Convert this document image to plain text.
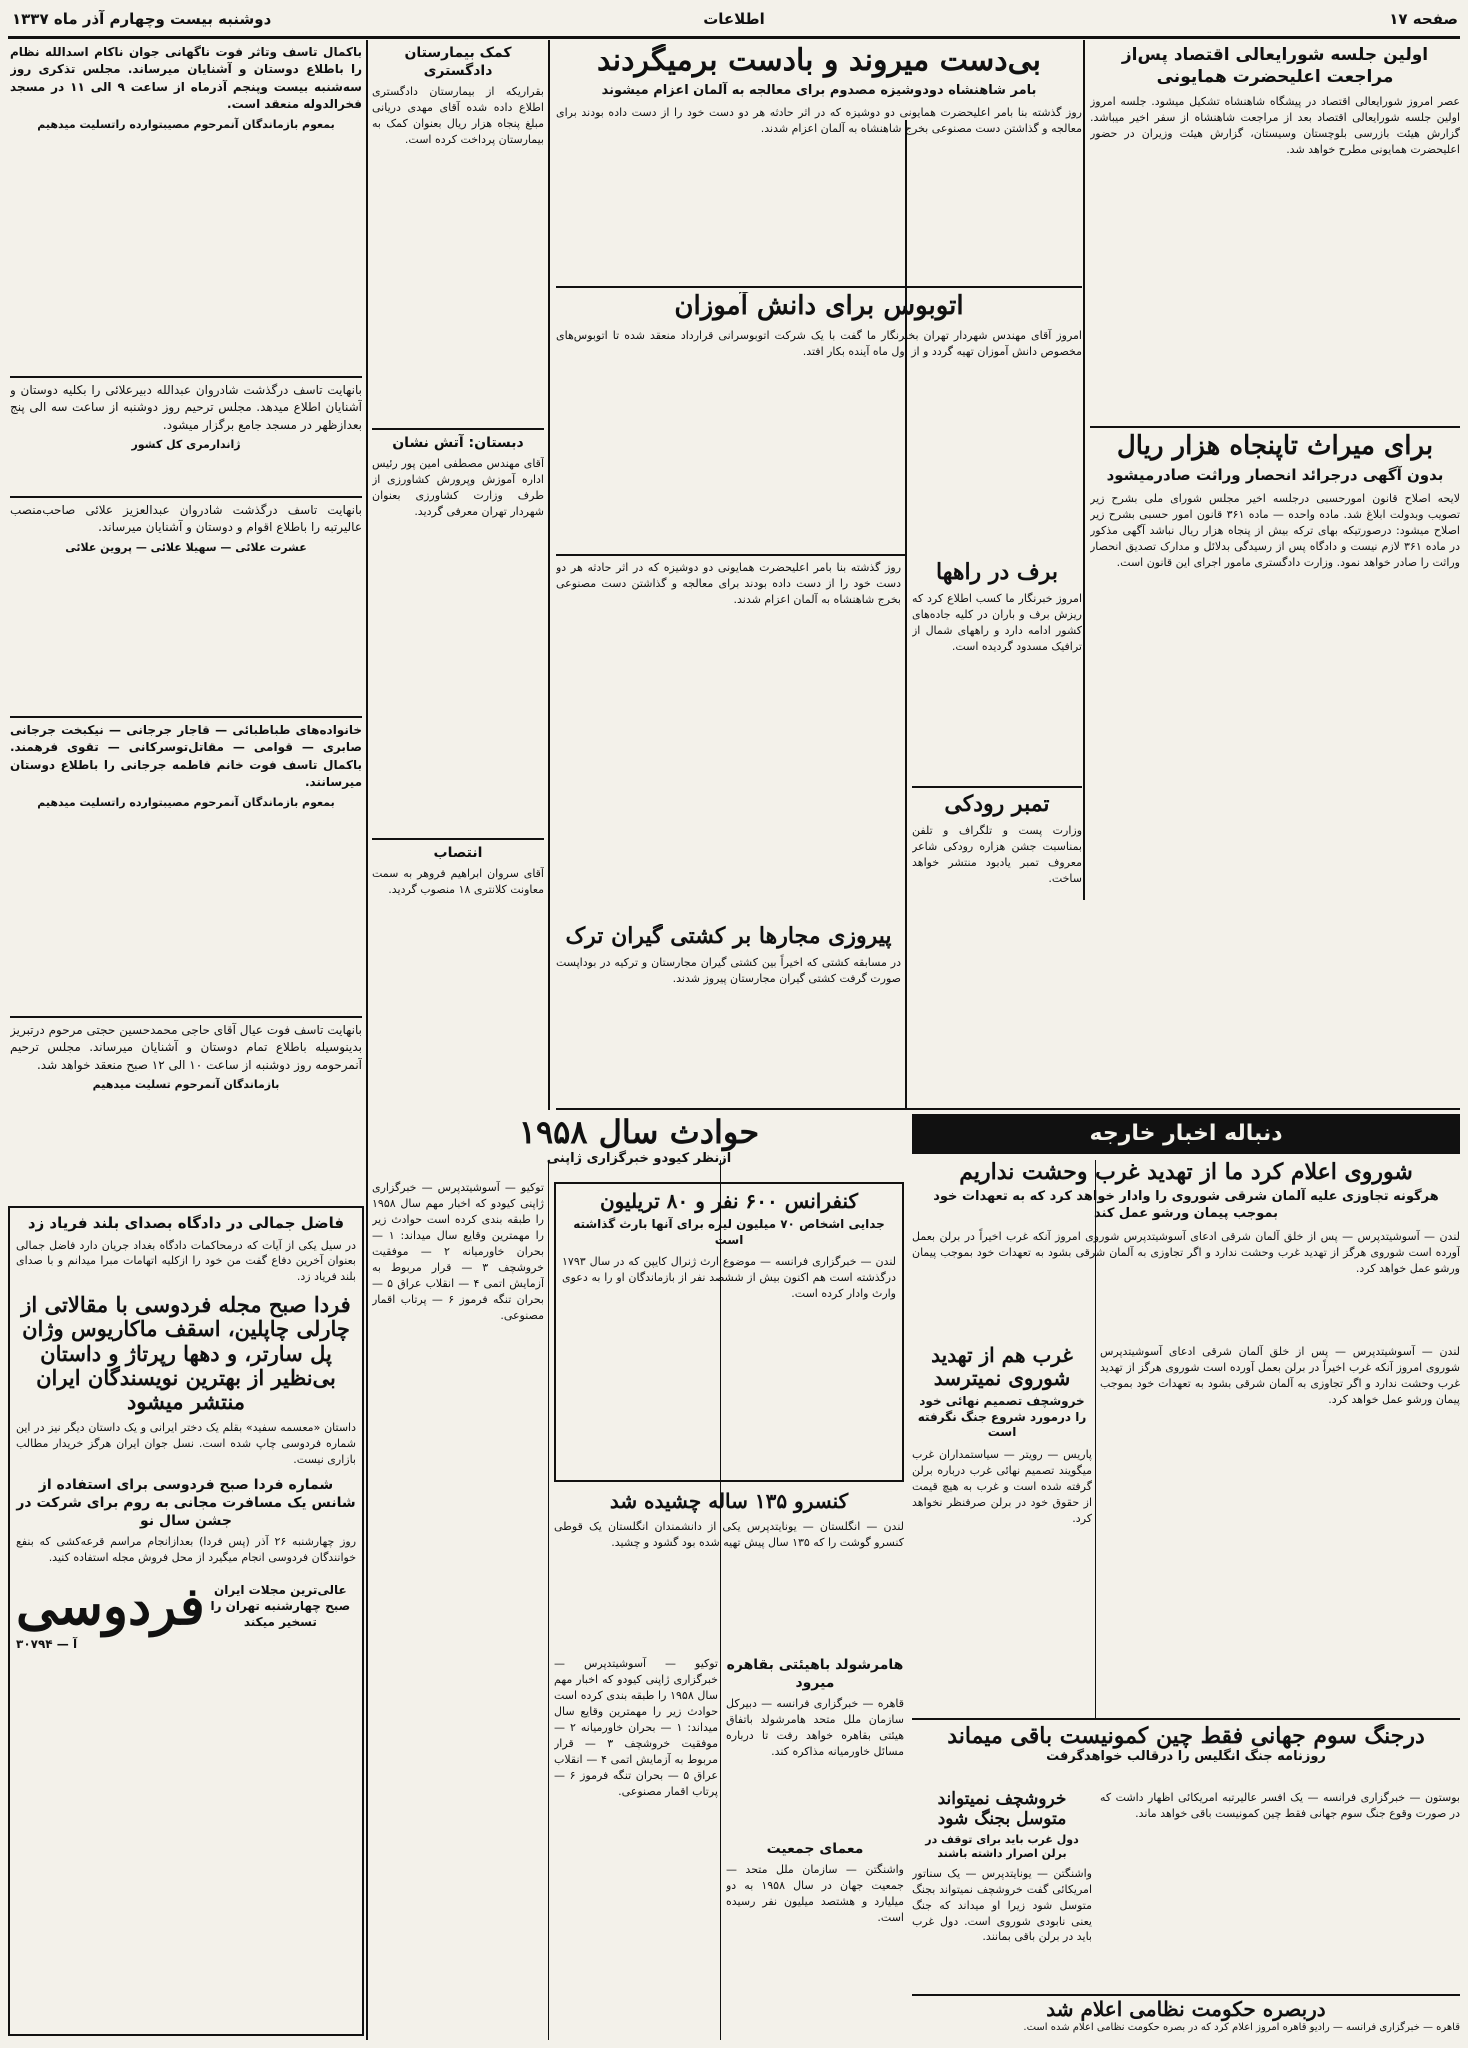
صفحه ۱۷
اطلاعات
دوشنبه بیست وچهارم آذر ماه ۱۳۳۷
اولین جلسه شورایعالی اقتصاد پس‌از مراجعت اعلیحضرت همایونی

عصر امروز شورایعالی اقتصاد در پیشگاه شاهنشاه تشکیل میشود. جلسه امروز اولین جلسه شورایعالی اقتصاد بعد از مراجعت شاهنشاه از سفر اخیر میباشد. گزارش هیئت بازرسی بلوچستان وسیستان، گزارش هیئت وزیران در حضور اعلیحضرت همایونی مطرح خواهد شد.

برای میراث تاپنجاه هزار ریال
بدون آگهی درجرائد انحصار وراثت صادرمیشود

لایحه اصلاح قانون امورحسبی درجلسه اخیر مجلس شورای ملی بشرح زیر تصویب وبدولت ابلاغ شد. ماده واحده — ماده ۳۶۱ قانون امور حسبی بشرح زیر اصلاح میشود: درصورتیکه بهای ترکه بیش از پنجاه هزار ریال نباشد آگهی مذکور در ماده ۳۶۱ لازم نیست و دادگاه پس از رسیدگی بدلائل و مدارک تصدیق انحصار وراثت را صادر خواهد نمود. وزارت دادگستری مامور اجرای این قانون است.

بی‌دست میروند و بادست برمیگردند
بامر شاهنشاه دودوشیزه مصدوم برای معالجه به آلمان اعزام میشوند

روز گذشته بنا بامر اعلیحضرت همایونی دو دوشیزه که در اثر حادثه هر دو دست خود را از دست داده بودند برای معالجه و گذاشتن دست مصنوعی بخرج شاهنشاه به آلمان اعزام شدند.

اتوبوس برای دانش آموزان

امروز آقای مهندس شهردار تهران بخبرنگار ما گفت با یک شرکت اتوبوسرانی قرارداد منعقد شده تا اتوبوس‌های مخصوص دانش آموزان تهیه گردد و از اول ماه آینده بکار افتد.

روز گذشته بنا بامر اعلیحضرت همایونی دو دوشیزه که در اثر حادثه هر دو دست خود را از دست داده بودند برای معالجه و گذاشتن دست مصنوعی بخرج شاهنشاه به آلمان اعزام شدند.

برف در راهها

امروز خبرنگار ما کسب اطلاع کرد که ریزش برف و باران در کلیه جاده‌های کشور ادامه دارد و راههای شمال از ترافیک مسدود گردیده است.

تمبر رودکی

وزارت پست و تلگراف و تلفن بمناسبت جشن هزاره رودکی شاعر معروف تمبر یادبود منتشر خواهد ساخت.

پیروزی مجارها بر کشتی گیران ترک

در مسابقه کشتی که اخیراً بین کشتی گیران مجارستان و ترکیه در بوداپست صورت گرفت کشتی گیران مجارستان پیروز شدند.

کمک بیمارستان دادگستری

بقراریکه از بیمارستان دادگستری اطلاع داده شده آقای مهدی دریانی مبلغ پنجاه هزار ریال بعنوان کمک به بیمارستان پرداخت کرده است.

دبستان: آتش نشان

آقای مهندس مصطفی امین پور رئیس اداره آموزش وپرورش کشاورزی از طرف وزارت کشاورزی بعنوان شهردار تهران معرفی گردید.

انتصاب

آقای سروان ابراهیم فروهر به سمت معاونت کلانتری ۱۸ منصوب گردید.

باکمال تاسف وتاثر فوت ناگهانی جوان ناکام اسدالله نظام را باطلاع دوستان و آشنایان میرساند. مجلس تذکری روز سه‌شنبه بیست وپنجم آذرماه از ساعت ۹ الی ۱۱ در مسجد فخرالدوله منعقد است.

بمعوم بازماندگان آنمرحوم مصیبتوارده راتسلیت میدهیم

بانهایت تاسف درگذشت شادروان عبدالله دبیرعلائی را بکلیه دوستان و آشنایان اطلاع میدهد. مجلس ترحیم روز دوشنبه از ساعت سه الی پنج بعدازظهر در مسجد جامع برگزار میشود.

ژاندارمری کل کشور

بانهایت تاسف درگذشت شادروان عبدالعزیز علائی صاحب‌منصب عالیرتبه را باطلاع اقوام و دوستان و آشنایان میرساند.

عشرت علائی — سهیلا علائی — پروین علائی

خانواده‌های طباطبائی — قاجار جرجانی — نیکبخت جرجانی صابری — قوامی — مقاتل‌توسرکانی — تقوی فرهمند. باکمال تاسف فوت خانم فاطمه جرجانی را باطلاع دوستان میرسانند.

بمعوم بازماندگان آنمرحوم مصیبتوارده راتسلیت میدهیم

بانهایت تاسف فوت عیال آقای حاجی محمدحسین حجتی مرحوم درتبریز بدینوسیله باطلاع تمام دوستان و آشنایان میرساند. مجلس ترحیم آنمرحومه روز دوشنبه از ساعت ۱۰ الی ۱۲ صبح منعقد خواهد شد.

بازماندگان آنمرحوم تسلیت میدهیم
فاضل جمالی در دادگاه بصدای بلند فریاد زد

در سیل یکی از آیات که درمحاکمات دادگاه بغداد جریان دارد فاضل جمالی بعنوان آخرین دفاع گفت من خود را ازکلیه اتهامات مبرا میدانم و با صدای بلند فریاد زد.

فردا صبح مجله فردوسی با مقالاتی از چارلی چاپلین، اسقف ماکاریوس وژان پل سارتر، و دهها رپرتاژ و داستان بی‌نظیر از بهترین نویسندگان ایران منتشر میشود

داستان «معسمه سفید» بقلم یک دختر ایرانی و یک داستان دیگر نیز در این شماره فردوسی چاپ شده است. نسل جوان ایران هرگز خریدار مطالب بازاری نیست.

شماره فردا صبح فردوسی برای استفاده از شانس یک مسافرت مجانی به روم برای شرکت در جشن سال نو

روز چهارشنبه ۲۶ آذر (پس فردا) بعدازانجام مراسم قرعه‌کشی که بنفع خوانندگان فردوسی انجام میگیرد از محل فروش مجله استفاده کنید.

عالی‌ترین مجلات ایران صبح چهارشنبه تهران را تسخیر میکند
فردوسی
آ — ۳۰۷۹۴
دنباله اخبار خارجه
شوروی اعلام کرد ما از تهدید غرب وحشت نداریم
هرگونه تجاوزی علیه آلمان شرقی شوروی را وادار خواهد کرد که به تعهدات خود بموجب پیمان ورشو عمل کند

لندن — آسوشیتدپرس — پس از خلق آلمان شرقی ادعای آسوشیتدپرس شوروی امروز آنکه غرب اخیراً در برلن بعمل آورده است شوروی هرگز از تهدید غرب وحشت ندارد و اگر تجاوزی به آلمان شرقی بشود به تعهدات خود بموجب پیمان ورشو عمل خواهد کرد.

لندن — آسوشیتدپرس — پس از خلق آلمان شرقی ادعای آسوشیتدپرس شوروی امروز آنکه غرب اخیراً در برلن بعمل آورده است شوروی هرگز از تهدید غرب وحشت ندارد و اگر تجاوزی به آلمان شرقی بشود به تعهدات خود بموجب پیمان ورشو عمل خواهد کرد.

غرب هم از تهدید شوروی نمیترسد
خروشچف تصمیم نهائی خود را درمورد شروع جنگ نگرفته است

پاریس — رویتر — سیاستمداران غرب میگویند تصمیم نهائی غرب درباره برلن گرفته شده است و غرب به هیچ قیمت از حقوق خود در برلن صرفنظر نخواهد کرد.

درجنگ سوم جهانی فقط چین کمونیست باقی میماند
روزنامه جنگ انگلیس را درقالب خواهدگرفت

بوستون — خبرگزاری فرانسه — یک افسر عالیرتبه امریکائی اظهار داشت که در صورت وقوع جنگ سوم جهانی فقط چین کمونیست باقی خواهد ماند.

خروشچف نمیتواند متوسل بجنگ شود
دول غرب باید برای توقف در برلن اصرار داشته باشند

واشنگتن — یونایتدپرس — یک سناتور امریکائی گفت خروشچف نمیتواند بجنگ متوسل شود زیرا او میداند که جنگ یعنی نابودی شوروی است. دول غرب باید در برلن باقی بمانند.

دربصره حکومت نظامی اعلام شد

قاهره — خبرگزاری فرانسه — رادیو قاهره امروز اعلام کرد که در بصره حکومت نظامی اعلام شده است.

حوادث سال ۱۹۵۸
ازنظر کیودو خبرگزاری ژاپنی

توکیو — آسوشیتدپرس — خبرگزاری ژاپنی کیودو که اخبار مهم سال ۱۹۵۸ را طبقه بندی کرده است حوادث زیر را مهمترین وقایع سال میداند: ۱ — بحران خاورمیانه ۲ — موفقیت خروشچف ۳ — قرار مربوط به آزمایش اتمی ۴ — انقلاب عراق ۵ — بحران تنگه فرموز ۶ — پرتاب اقمار مصنوعی.

کنفرانس ۶۰۰ نفر و ۸۰ تریلیون
جدایی اشخاص ۷۰ میلیون لیره برای آنها بارث گذاشته است

لندن — خبرگزاری فرانسه — موضوع ارث ژنرال کایپن که در سال ۱۷۹۳ درگذشته است هم اکنون بیش از ششصد نفر از بازماندگان او را به دعوی وارث وادار کرده است.

کنسرو ۱۳۵ ساله چشیده شد

لندن — انگلستان — یونایتدپرس یکی از دانشمندان انگلستان یک قوطی کنسرو گوشت را که ۱۳۵ سال پیش تهیه شده بود گشود و چشید.

هامرشولد باهیئتی بقاهره میرود

قاهره — خبرگزاری فرانسه — دبیرکل سازمان ملل متحد هامرشولد باتفاق هیئتی بقاهره خواهد رفت تا درباره مسائل خاورمیانه مذاکره کند.

معمای جمعیت

واشنگتن — سازمان ملل متحد — جمعیت جهان در سال ۱۹۵۸ به دو میلیارد و هشتصد میلیون نفر رسیده است.

توکیو — آسوشیتدپرس — خبرگزاری ژاپنی کیودو که اخبار مهم سال ۱۹۵۸ را طبقه بندی کرده است حوادث زیر را مهمترین وقایع سال میداند: ۱ — بحران خاورمیانه ۲ — موفقیت خروشچف ۳ — قرار مربوط به آزمایش اتمی ۴ — انقلاب عراق ۵ — بحران تنگه فرموز ۶ — پرتاب اقمار مصنوعی.
